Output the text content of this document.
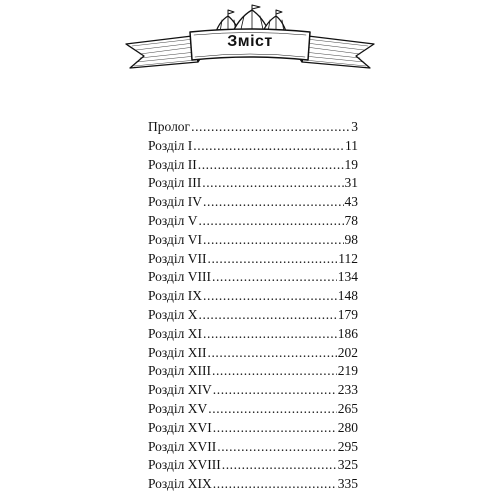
Зміст
Пролог .....	3
Розділ I .....	11
Розділ II .....	19
Розділ III .....	31
Розділ IV .....	43
Розділ V .....	78
Розділ VI .....	98
Розділ VII .....	112
Розділ VIII .....	134
Розділ IX .....	148
Розділ X .....	179
Розділ XI .....	186
Розділ XII .....	202
Розділ XIII .....	219
Розділ XIV .....	233
Розділ XV .....	265
Розділ XVI .....	280
Розділ XVII .....	295
Розділ XVIII .....	325
Розділ XIX .....	335
